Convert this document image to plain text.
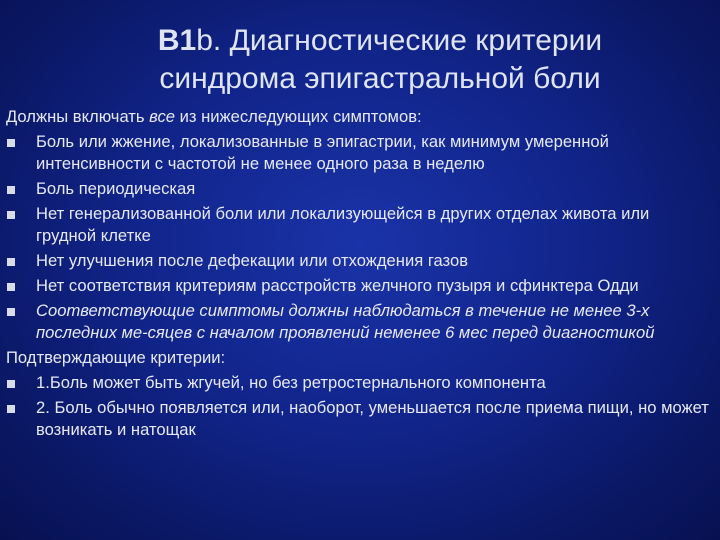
B1b. Диагностические критерии
синдрома эпигастральной боли
Должны включать все из нижеследующих симптомов:
Боль или жжение, локализованные в эпигастрии, как минимум умеренной интенсивности с частотой не менее одного раза в неделю
Боль периодическая
Нет генерализованной боли или локализующейся в других отделах живота или грудной клетке
Нет улучшения после дефекации или отхождения газов
Нет соответствия критериям расстройств желчного пузыря и сфинктера Одди
Соответствующие симптомы должны наблюдаться в течение не менее 3-х последних ме-сяцев с началом проявлений неменее 6 мес перед диагностикой
Подтверждающие критерии:
1.Боль может быть жгучей, но без ретростернального компонента
2. Боль обычно появляется или, наоборот, уменьшается после приема пищи, но может возникать и натощак
